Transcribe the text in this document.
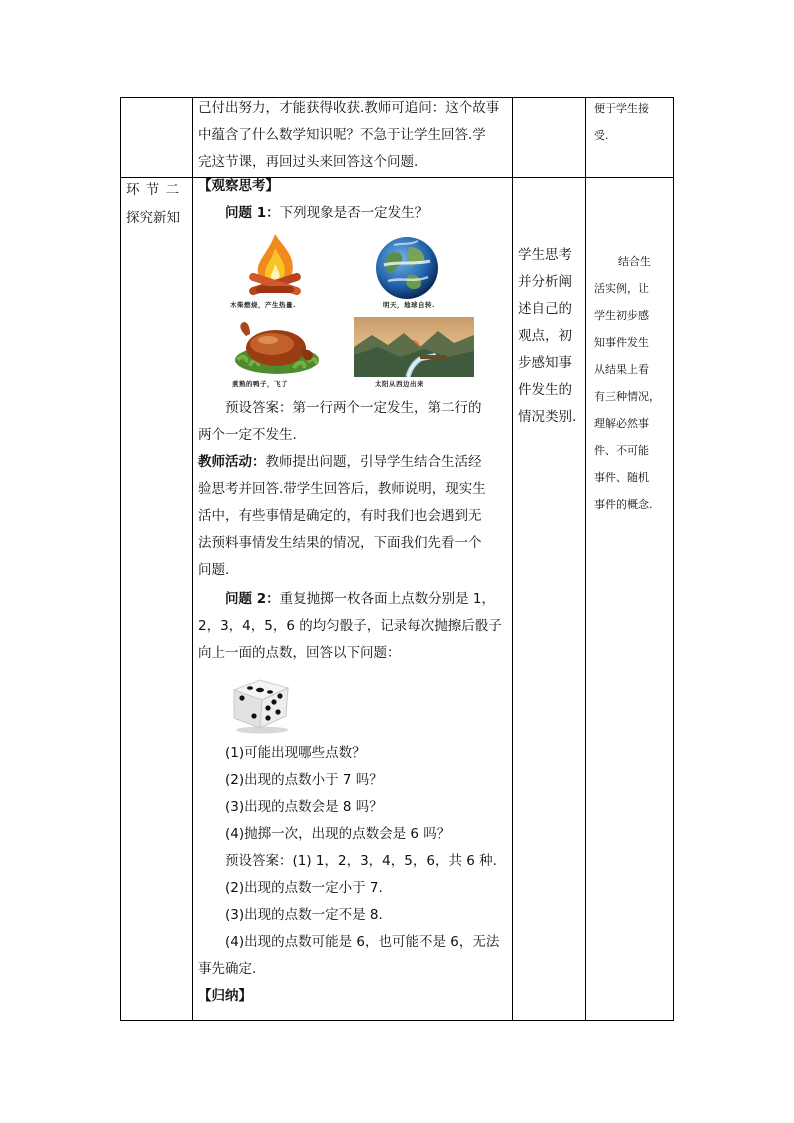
己付出努力，才能获得收获.教师可追问：这个故事

中蕴含了什么数学知识呢？不急于让学生回答.学

完这节课，再回过头来回答这个问题.

便于学生接
受.
环 节 二
探究新知

【观察思考】

问题 1：下列现象是否一定发生？

木柴燃烧，产生热量.	明天，地球自转.
煮熟的鸭子，飞了	太阳从西边出来

预设答案：第一行两个一定发生，第二行的

两个一定不发生.

教师活动：教师提出问题，引导学生结合生活经

验思考并回答.带学生回答后，教师说明，现实生

活中，有些事情是确定的，有时我们也会遇到无

法预料事情发生结果的情况，下面我们先看一个

问题.

问题 2：重复抛掷一枚各面上点数分别是 1，

2，3，4，5，6 的均匀骰子，记录每次抛擦后骰子

向上一面的点数，回答以下问题：

(1)可能出现哪些点数？

(2)出现的点数小于 7 吗？

(3)出现的点数会是 8 吗？

(4)抛掷一次，出现的点数会是 6 吗？

预设答案：(1) 1，2，3，4，5，6，共 6 种.

(2)出现的点数一定小于 7.

(3)出现的点数一定不是 8.

(4)出现的点数可能是 6，也可能不是 6，无法

事先确定.

【归纳】

学生思考
并分析阐
述自己的
观点，初
步感知事
件发生的
情况类别.
结合生
活实例，让
学生初步感
知事件发生
从结果上看
有三种情况，
理解必然事
件、不可能
事件、随机
事件的概念.
